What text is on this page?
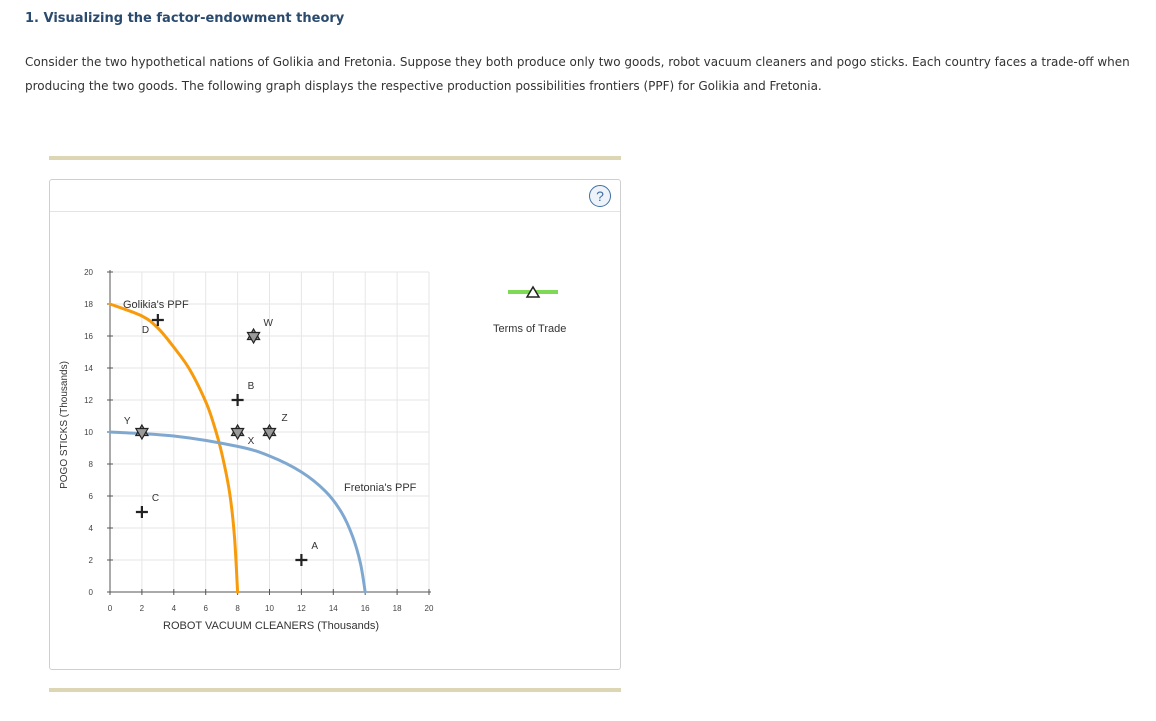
1. Visualizing the factor-endowment theory

Consider the two hypothetical nations of Golikia and Fretonia. Suppose they both produce only two goods, robot vacuum cleaners and pogo sticks. Each country faces a trade-off when producing the two goods. The following graph displays the respective production possibilities frontiers (PPF) for Golikia and Fretonia.

?
0	2	4	6	8	10	12	14	16	18	20
0
2
4
6
8
10
12
14
16
18
20
D
W
B
Y
X
Z
C
A
POGO STICKS (Thousands)
ROBOT VACUUM CLEANERS (Thousands)
Golikia's PPF
Fretonia's PPF
Terms of Trade
